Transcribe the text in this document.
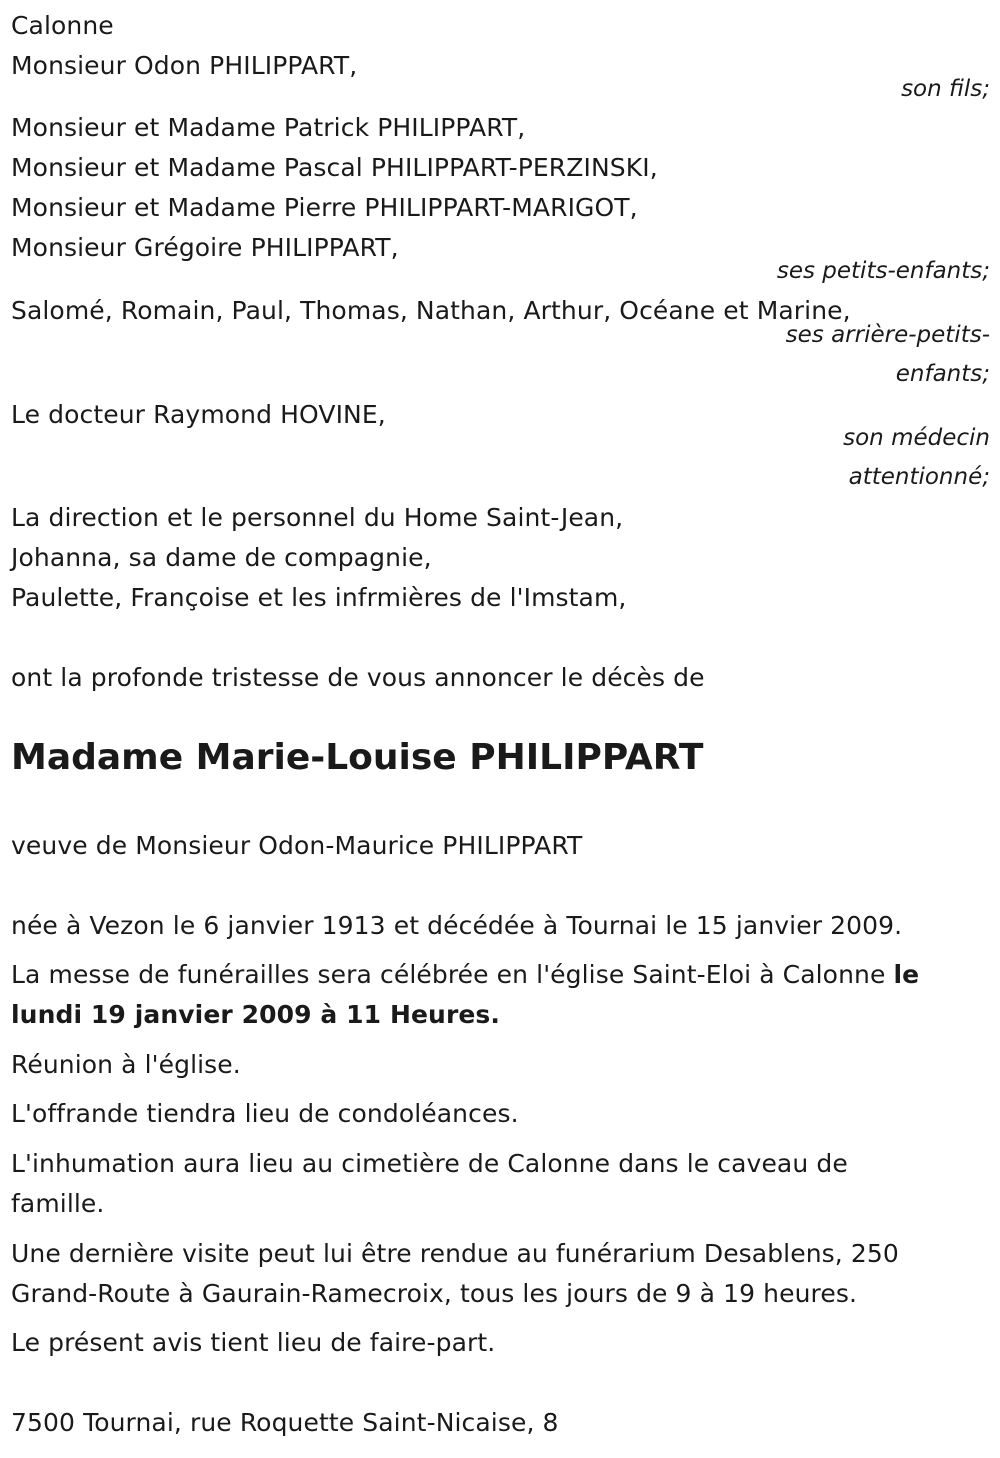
Calonne
Monsieur Odon PHILIPPART,
son fils;
Monsieur et Madame Patrick PHILIPPART,
Monsieur et Madame Pascal PHILIPPART-PERZINSKI,
Monsieur et Madame Pierre PHILIPPART-MARIGOT,
Monsieur Grégoire PHILIPPART,
ses petits-enfants;
Salomé, Romain, Paul, Thomas, Nathan, Arthur, Océane et Marine,
ses arrière-petits-
enfants;
Le docteur Raymond HOVINE,
son médecin
attentionné;
La direction et le personnel du Home Saint-Jean,
Johanna, sa dame de compagnie,
Paulette, Françoise et les infrmières de l'Imstam,
ont la profonde tristesse de vous annoncer le décès de
Madame Marie-Louise PHILIPPART
veuve de Monsieur Odon-Maurice PHILIPPART
née à Vezon le 6 janvier 1913 et décédée à Tournai le 15 janvier 2009.
La messe de funérailles sera célébrée en l'église Saint-Eloi à Calonne le
lundi 19 janvier 2009 à 11 Heures.
Réunion à l'église.
L'offrande tiendra lieu de condoléances.
L'inhumation aura lieu au cimetière de Calonne dans le caveau de
famille.
Une dernière visite peut lui être rendue au funérarium Desablens, 250
Grand-Route à Gaurain-Ramecroix, tous les jours de 9 à 19 heures.
Le présent avis tient lieu de faire-part.
7500 Tournai, rue Roquette Saint-Nicaise, 8
